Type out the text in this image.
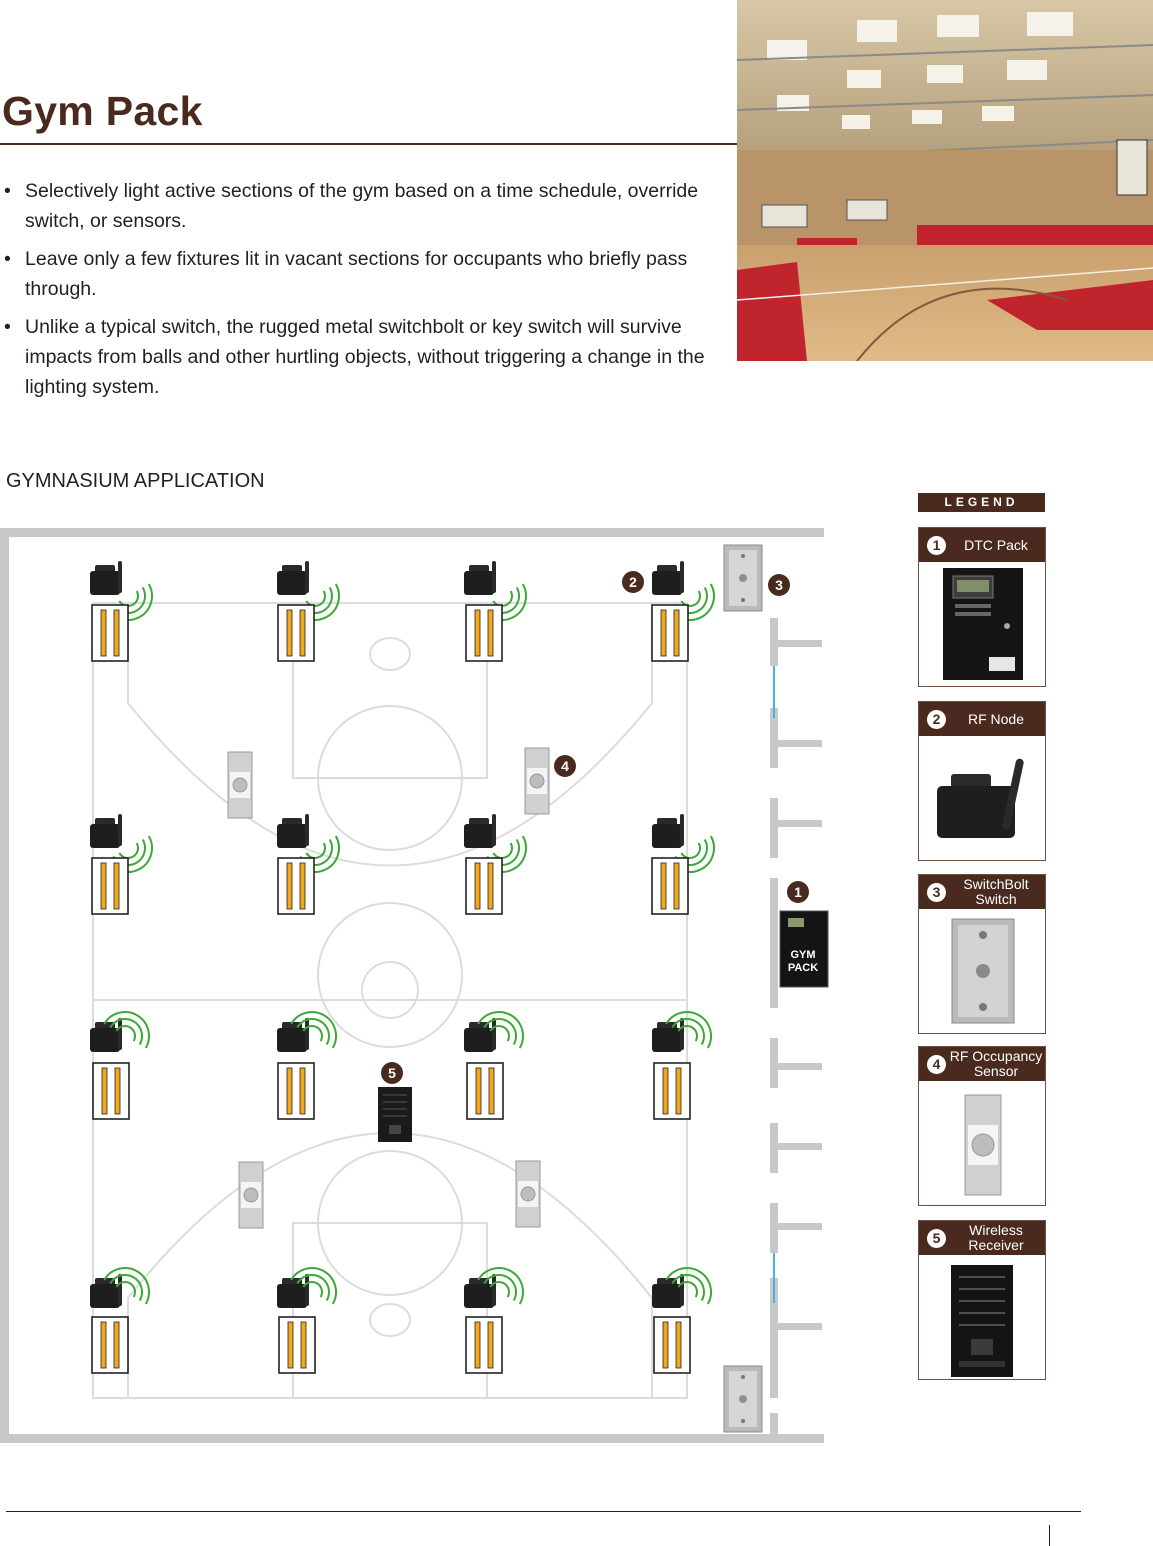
Gym Pack
• Selectively light active sections of the gym based on a time schedule, override switch, or sensors.
• Leave only a few fixtures lit in vacant sections for occupants who briefly pass through.
• Unlike a typical switch, the rugged metal switchbolt or key switch will survive impacts from balls and other hurtling objects, without triggering a change in the lighting system.
GYMNASIUM APPLICATION
GYM
PACK
1
2	3
4
5
LEGEND
1	DTC Pack
2	RF Node
3	SwitchBolt Switch
4 RF Occupancy Sensor
5	Wireless Receiver
